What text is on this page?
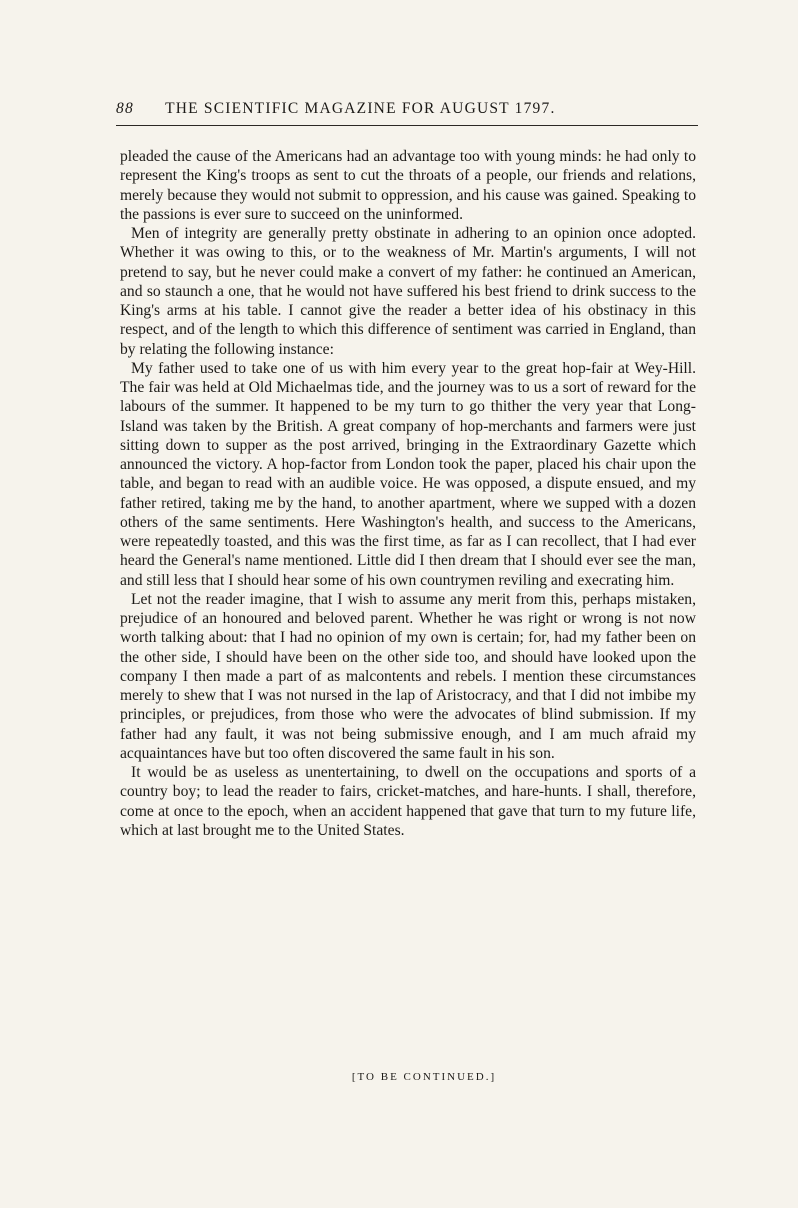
88 THE SCIENTIFIC MAGAZINE FOR AUGUST 1797.

pleaded the cause of the Americans had an advantage too with young minds: he had only to represent the King's troops as sent to cut the throats of a people, our friends and relations, merely because they would not submit to oppression, and his cause was gained. Speaking to the passions is ever sure to succeed on the uninformed.

Men of integrity are generally pretty obstinate in adhering to an opinion once adopted. Whether it was owing to this, or to the weakness of Mr. Martin's arguments, I will not pretend to say, but he never could make a convert of my father: he continued an American, and so staunch a one, that he would not have suffered his best friend to drink success to the King's arms at his table. I cannot give the reader a better idea of his obstinacy in this respect, and of the length to which this difference of sentiment was carried in England, than by relating the following instance:

My father used to take one of us with him every year to the great hop-fair at Wey-Hill. The fair was held at Old Michaelmas tide, and the journey was to us a sort of reward for the labours of the summer. It happened to be my turn to go thither the very year that Long-Island was taken by the British. A great company of hop-merchants and farmers were just sitting down to supper as the post arrived, bringing in the Extraordinary Gazette which announced the victory. A hop-factor from London took the paper, placed his chair upon the table, and began to read with an audible voice. He was opposed, a dispute ensued, and my father retired, taking me by the hand, to another apartment, where we supped with a dozen others of the same sentiments. Here Washington's health, and success to the Americans, were repeatedly toasted, and this was the first time, as far as I can recollect, that I had ever heard the General's name mentioned. Little did I then dream that I should ever see the man, and still less that I should hear some of his own countrymen reviling and execrating him.

Let not the reader imagine, that I wish to assume any merit from this, perhaps mistaken, prejudice of an honoured and beloved parent. Whether he was right or wrong is not now worth talking about: that I had no opinion of my own is certain; for, had my father been on the other side, I should have been on the other side too, and should have looked upon the company I then made a part of as malcontents and rebels. I mention these circumstances merely to shew that I was not nursed in the lap of Aristocracy, and that I did not imbibe my principles, or prejudices, from those who were the advocates of blind submission. If my father had any fault, it was not being submissive enough, and I am much afraid my acquaintances have but too often discovered the same fault in his son.

It would be as useless as unentertaining, to dwell on the occupations and sports of a country boy; to lead the reader to fairs, cricket-matches, and hare-hunts. I shall, therefore, come at once to the epoch, when an accident happened that gave that turn to my future life, which at last brought me to the United States.

[TO BE CONTINUED.]
